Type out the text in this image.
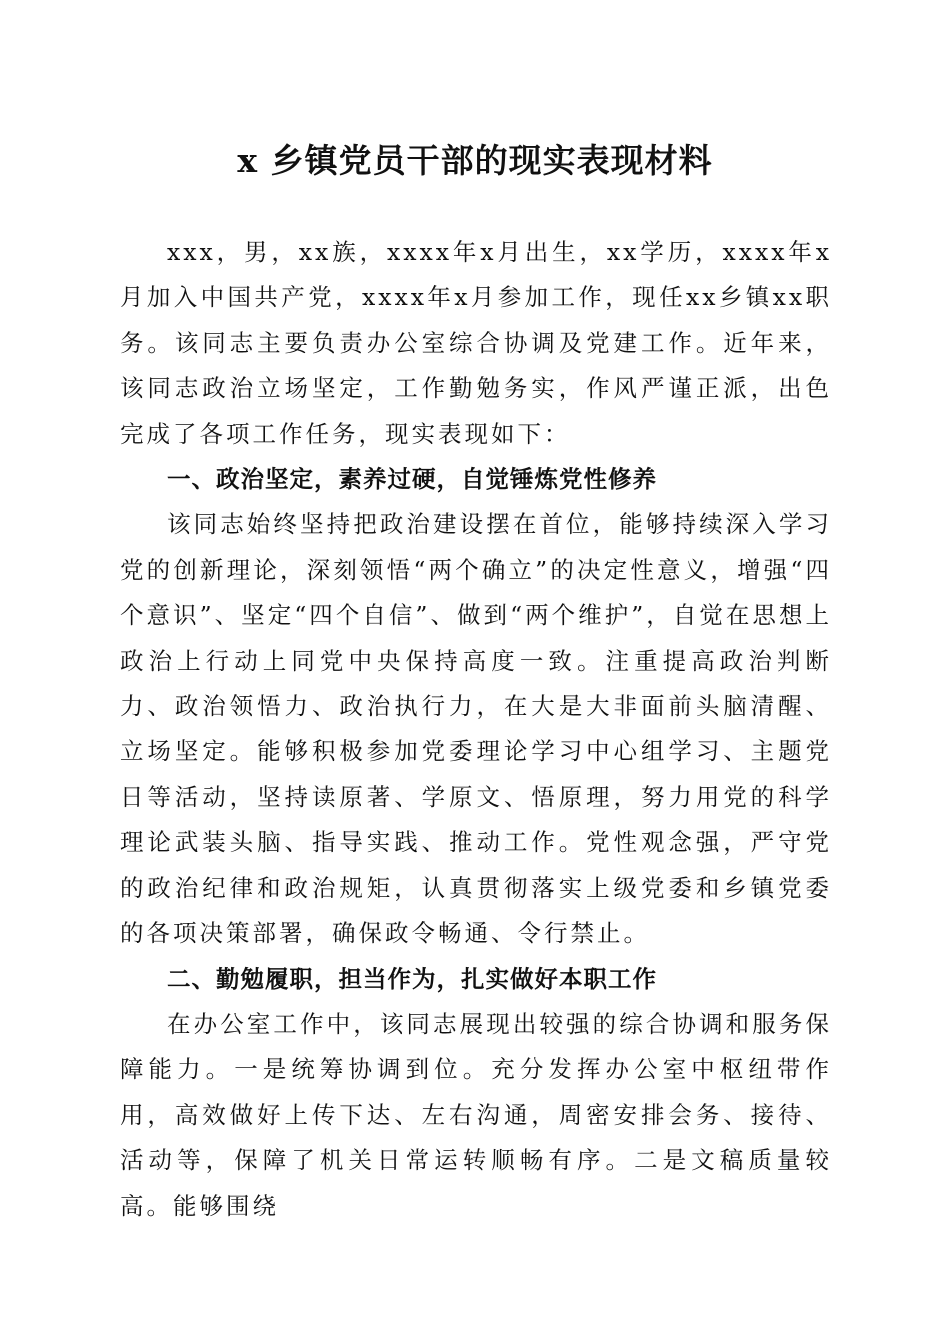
x 乡镇党员干部的现实表现材料

xxx，男，xx族，xxxx年x月出生，xx学历，xxxx年x月加入中国共产党，xxxx年x月参加工作，现任xx乡镇xx职务。该同志主要负责办公室综合协调及党建工作。近年来，该同志政治立场坚定，工作勤勉务实，作风严谨正派，出色完成了各项工作任务，现实表现如下：

一、政治坚定，素养过硬，自觉锤炼党性修养

该同志始终坚持把政治建设摆在首位，能够持续深入学习党的创新理论，深刻领悟“两个确立”的决定性意义，增强“四个意识”、坚定“四个自信”、做到“两个维护”，自觉在思想上政治上行动上同党中央保持高度一致。注重提高政治判断力、政治领悟力、政治执行力，在大是大非面前头脑清醒、立场坚定。能够积极参加党委理论学习中心组学习、主题党日等活动，坚持读原著、学原文、悟原理，努力用党的科学理论武装头脑、指导实践、推动工作。党性观念强，严守党的政治纪律和政治规矩，认真贯彻落实上级党委和乡镇党委的各项决策部署，确保政令畅通、令行禁止。

二、勤勉履职，担当作为，扎实做好本职工作

在办公室工作中，该同志展现出较强的综合协调和服务保障能力。一是统筹协调到位。充分发挥办公室中枢纽带作用，高效做好上传下达、左右沟通，周密安排会务、接待、活动等，保障了机关日常运转顺畅有序。二是文稿质量较高。能够围绕
